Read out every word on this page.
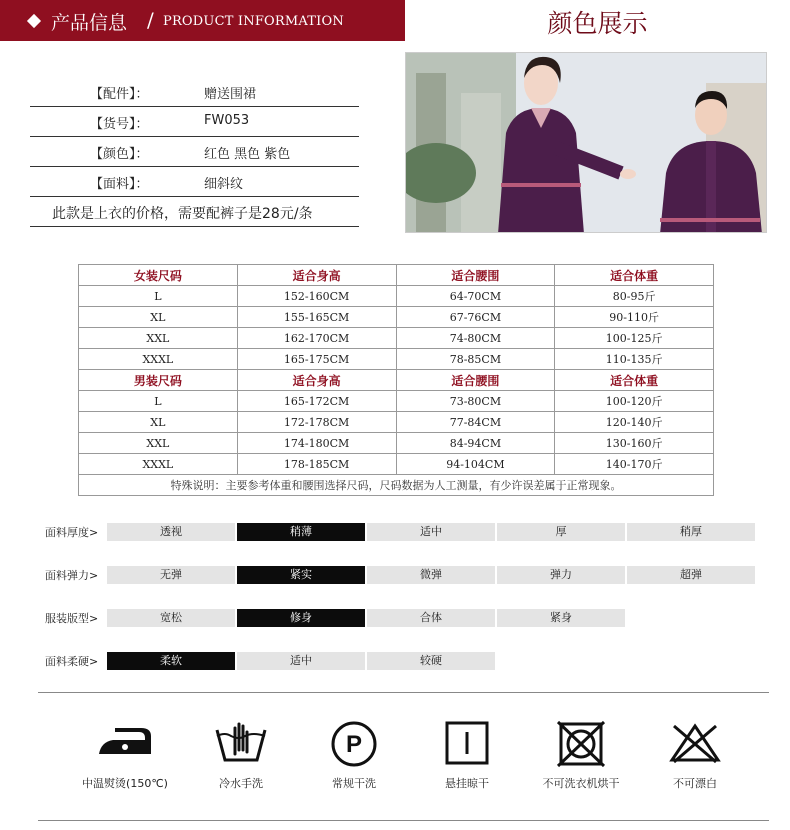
产品信息 / PRODUCT INFORMATION	颜色展示
【配件】：	赠送围裙
【货号】：	FW053
【颜色】：	红色 黑色 紫色
【面料】：	细斜纹
此款是上衣的价格，需要配裤子是28元/条
女装尺码	适合身高	适合腰围	适合体重
L	152-160CM	64-70CM	80-95斤
XL	155-165CM	67-76CM	90-110斤
XXL	162-170CM	74-80CM	100-125斤
XXXL	165-175CM	78-85CM	110-135斤
男装尺码	适合身高	适合腰围	适合体重
L	165-172CM	73-80CM	100-120斤
XL	172-178CM	77-84CM	120-140斤
XXL	174-180CM	84-94CM	130-160斤
XXXL	178-185CM	94-104CM	140-170斤
特殊说明：主要参考体重和腰围选择尺码，尺码数据为人工测量，有少许误差属于正常现象。			
面料厚度>	透视	稍薄	适中	厚	稍厚
面料弹力>	无弹	紧实	微弹	弹力	超弹
服装版型>	宽松	修身	合体	紧身
面料柔硬>	柔软	适中	较硬
P
中温熨烫(150℃)	冷水手洗	常规干洗	悬挂晾干	不可洗衣机烘干	不可漂白
